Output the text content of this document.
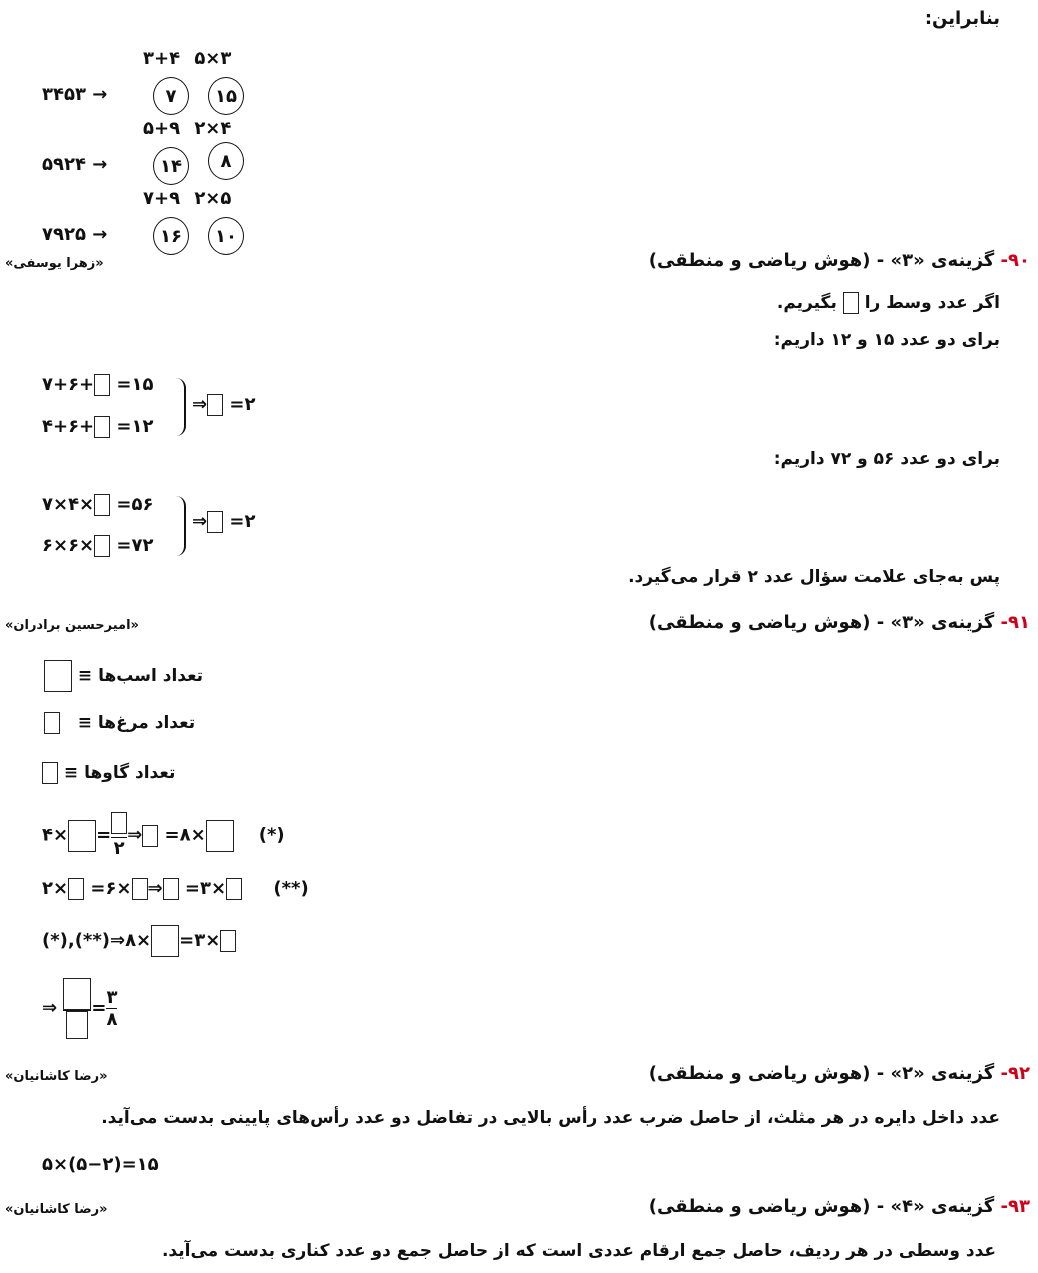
بنابراین:
۳+۴ ۵×۳
۳۴۵۳ →	۷	۱۵
۵+۹ ۲×۴
۵۹۲۴ →	۱۴	۸
۷+۹ ۲×۵
۷۹۲۵ →	۱۶	۱۰
۹۰- گزینه‌ی «۳» - (هوش ریاضی و منطقی)
«زهرا یوسفی»
اگر عدد وسط را  بگیریم.
برای دو عدد ۱۵ و ۱۲ داریم:
۷+۶+ =۱۵
۴+۶+ =۱۲
⇒ =۲
برای دو عدد ۵۶ و ۷۲ داریم:
۷×۴× =۵۶
۶×۶× =۷۲
⇒ =۲
پس به‌جای علامت سؤال عدد ۲ قرار می‌گیرد.
۹۱- گزینه‌ی «۳» - (هوش ریاضی و منطقی)
«امیرحسین برادران»
تعداد اسب‌ها ≡
تعداد مرغ‌ها ≡
تعداد گاوها ≡
۴× =
۲
⇒ =۸×	(*)
۲× =۶× ⇒ =۳×	(**)
(*),(**)⇒۸× =۳×
⇒ = $\frac{۳}{۸}$
۹۲- گزینه‌ی «۲» - (هوش ریاضی و منطقی)
«رضا کاشانیان»
عدد داخل دایره در هر مثلث، از حاصل ضرب عدد رأس بالایی در تفاضل دو عدد رأس‌های پایینی بدست می‌آید.
۵×(۵−۲)=۱۵
۹۳- گزینه‌ی «۴» - (هوش ریاضی و منطقی)
«رضا کاشانیان»
عدد وسطی در هر ردیف، حاصل جمع ارقام عددی است که از حاصل جمع دو عدد کناری بدست می‌آید.
